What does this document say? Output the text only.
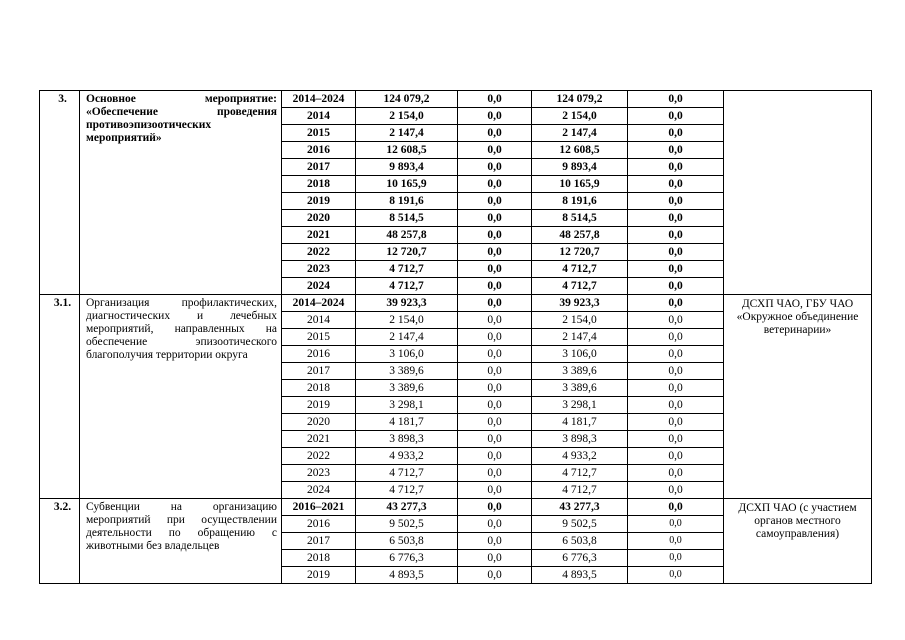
3.	Основное мероприятие: «Обеспечение проведения противоэпизоотических мероприятий»	2014–2024	124 079,2	0,0	124 079,2	0,0	
		2014	2 154,0	0,0	2 154,0	0,0	
		2015	2 147,4	0,0	2 147,4	0,0	
		2016	12 608,5	0,0	12 608,5	0,0	
		2017	9 893,4	0,0	9 893,4	0,0	
		2018	10 165,9	0,0	10 165,9	0,0	
		2019	8 191,6	0,0	8 191,6	0,0	
		2020	8 514,5	0,0	8 514,5	0,0	
		2021	48 257,8	0,0	48 257,8	0,0	
		2022	12 720,7	0,0	12 720,7	0,0	
		2023	4 712,7	0,0	4 712,7	0,0	
		2024	4 712,7	0,0	4 712,7	0,0	
3.1.	Организация профилактических, диагностических и лечебных мероприятий, направленных на обеспечение эпизоотического благополучия территории округа	2014–2024	39 923,3	0,0	39 923,3	0,0	ДСХП ЧАО, ГБУ ЧАО «Окружное объединение ветеринарии»
		2014	2 154,0	0,0	2 154,0	0,0	
		2015	2 147,4	0,0	2 147,4	0,0	
		2016	3 106,0	0,0	3 106,0	0,0	
		2017	3 389,6	0,0	3 389,6	0,0	
		2018	3 389,6	0,0	3 389,6	0,0	
		2019	3 298,1	0,0	3 298,1	0,0	
		2020	4 181,7	0,0	4 181,7	0,0	
		2021	3 898,3	0,0	3 898,3	0,0	
		2022	4 933,2	0,0	4 933,2	0,0	
		2023	4 712,7	0,0	4 712,7	0,0	
		2024	4 712,7	0,0	4 712,7	0,0	
3.2.	Субвенции на организацию мероприятий при осуществлении деятельности по обращению с животными без владельцев	2016–2021	43 277,3	0,0	43 277,3	0,0	ДСХП ЧАО (с участием органов местного самоуправления)
		2016	9 502,5	0,0	9 502,5	0,0	
		2017	6 503,8	0,0	6 503,8	0,0	
		2018	6 776,3	0,0	6 776,3	0,0	
		2019	4 893,5	0,0	4 893,5	0,0	
